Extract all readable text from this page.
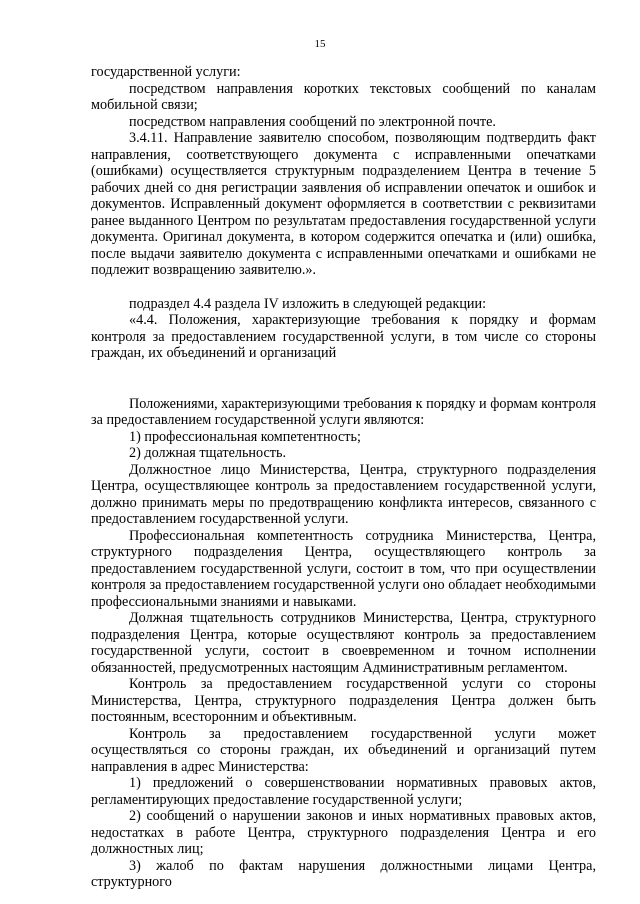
15

государственной услуги:

посредством направления коротких текстовых сообщений по каналам мобильной связи;

посредством направления сообщений по электронной почте.

3.4.11. Направление заявителю способом, позволяющим подтвердить факт направления, соответствующего документа с исправленными опечатками (ошибками) осуществляется структурным подразделением Центра в течение 5 рабочих дней со дня регистрации заявления об исправлении опечаток и ошибок и документов. Исправленный документ оформляется в соответствии с реквизитами ранее выданного Центром по результатам предоставления государственной услуги документа. Оригинал документа, в котором содержится опечатка и (или) ошибка, после выдачи заявителю документа с исправленными опечатками и ошибками не подлежит возвращению заявителю.».

подраздел 4.4 раздела IV изложить в следующей редакции:

«4.4. Положения, характеризующие требования к порядку и формам контроля за предоставлением государственной услуги, в том числе со стороны граждан, их объединений и организаций

Положениями, характеризующими требования к порядку и формам контроля за предоставлением государственной услуги являются:

1) профессиональная компетентность;

2) должная тщательность.

Должностное лицо Министерства, Центра, структурного подразделения Центра, осуществляющее контроль за предоставлением государственной услуги, должно принимать меры по предотвращению конфликта интересов, связанного с предоставлением государственной услуги.

Профессиональная компетентность сотрудника Министерства, Центра, структурного подразделения Центра, осуществляющего контроль за предоставлением государственной услуги, состоит в том, что при осуществлении контроля за предоставлением государственной услуги оно обладает необходимыми профессиональными знаниями и навыками.

Должная тщательность сотрудников Министерства, Центра, структурного подразделения Центра, которые осуществляют контроль за предоставлением государственной услуги, состоит в своевременном и точном исполнении обязанностей, предусмотренных настоящим Административным регламентом.

Контроль за предоставлением государственной услуги со стороны Министерства, Центра, структурного подразделения Центра должен быть постоянным, всесторонним и объективным.

Контроль за предоставлением государственной услуги может осуществляться со стороны граждан, их объединений и организаций путем направления в адрес Министерства:

1) предложений о совершенствовании нормативных правовых актов, регламентирующих предоставление государственной услуги;

2) сообщений о нарушении законов и иных нормативных правовых актов, недостатках в работе Центра, структурного подразделения Центра и его должностных лиц;

3) жалоб по фактам нарушения должностными лицами Центра, структурного
